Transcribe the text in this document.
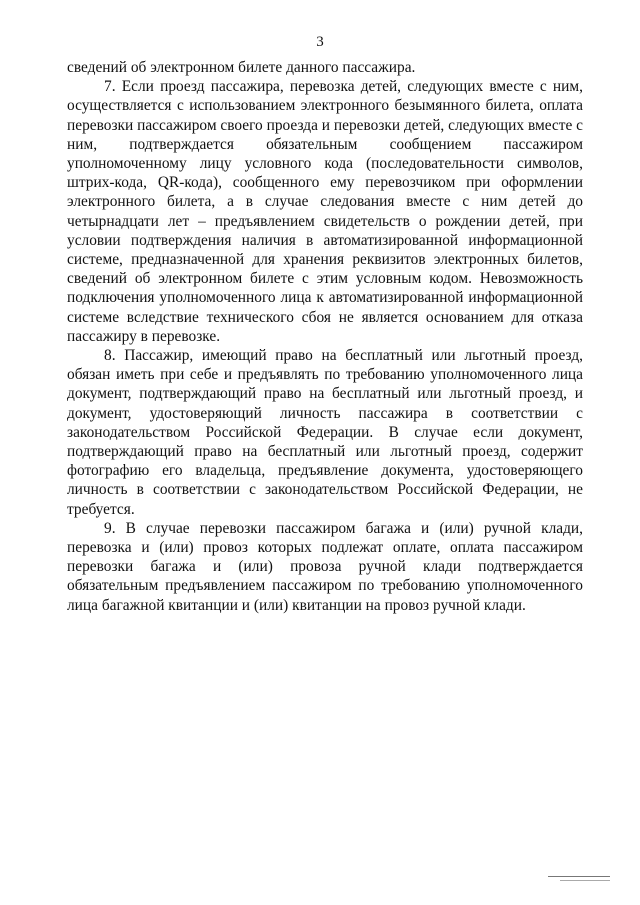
3

сведений об электронном билете данного пассажира.

7. Если проезд пассажира, перевозка детей, следующих вместе с ним, осуществляется с использованием электронного безымянного билета, оплата перевозки пассажиром своего проезда и перевозки детей, следующих вместе с ним, подтверждается обязательным сообщением пассажиром уполномоченному лицу условного кода (последовательности символов, штрих-кода, QR-кода), сообщенного ему перевозчиком при оформлении электронного билета, а в случае следования вместе с ним детей до четырнадцати лет – предъявлением свидетельств о рождении детей, при условии подтверждения наличия в автоматизированной информационной системе, предназначенной для хранения реквизитов электронных билетов, сведений об электронном билете с этим условным кодом. Невозможность подключения уполномоченного лица к автоматизированной информационной системе вследствие технического сбоя не является основанием для отказа пассажиру в перевозке.

8. Пассажир, имеющий право на бесплатный или льготный проезд, обязан иметь при себе и предъявлять по требованию уполномоченного лица документ, подтверждающий право на бесплатный или льготный проезд, и документ, удостоверяющий личность пассажира в соответствии с законодательством Российской Федерации. В случае если документ, подтверждающий право на бесплатный или льготный проезд, содержит фотографию его владельца, предъявление документа, удостоверяющего личность в соответствии с законодательством Российской Федерации, не требуется.

9. В случае перевозки пассажиром багажа и (или) ручной клади, перевозка и (или) провоз которых подлежат оплате, оплата пассажиром перевозки багажа и (или) провоза ручной клади подтверждается обязательным предъявлением пассажиром по требованию уполномоченного лица багажной квитанции и (или) квитанции на провоз ручной клади.
